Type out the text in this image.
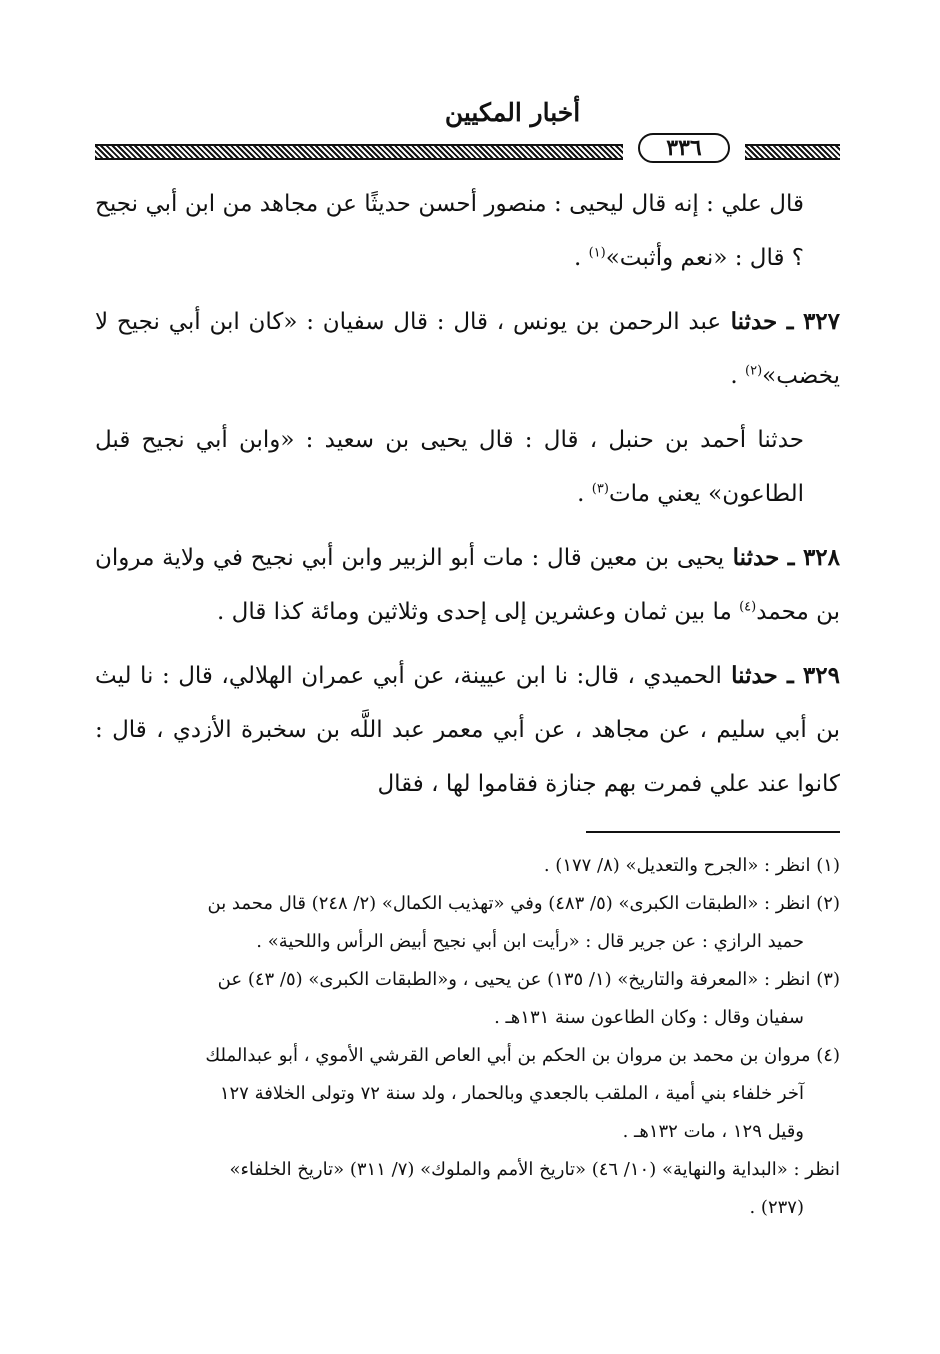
أخبار المكيين
٣٣٦

قال علي : إنه قال ليحيى : منصور أحسن حديثًا عن مجاهد من ابن أبي نجيح ؟ قال : «نعم وأثبت»$^{(١)}$ .

٣٢٧ ـ حدثنا عبد الرحمن بن يونس ، قال : قال سفيان : «كان ابن أبي نجيح لا يخضب»$^{(٢)}$ .

حدثنا أحمد بن حنبل ، قال : قال يحيى بن سعيد : «وابن أبي نجيح قبل الطاعون» يعني مات$^{(٣)}$ .

٣٢٨ ـ حدثنا يحيى بن معين قال : مات أبو الزبير وابن أبي نجيح في ولاية مروان بن محمد$^{(٤)}$ ما بين ثمان وعشرين إلى إحدى وثلاثين ومائة كذا قال .

٣٢٩ ـ حدثنا الحميدي ، قال: نا ابن عيينة، عن أبي عمران الهلالي، قال : نا ليث بن أبي سليم ، عن مجاهد ، عن أبي معمر عبد اللَّه بن سخبرة الأزدي ، قال : كانوا عند علي فمرت بهم جنازة فقاموا لها ، فقال

(١) انظر : «الجرح والتعديل» (٨/ ١٧٧) .
(٢) انظر : «الطبقات الكبرى» (٥/ ٤٨٣) وفي «تهذيب الكمال» (٢/ ٢٤٨) قال محمد بن
حميد الرازي : عن جرير قال : «رأيت ابن أبي نجيح أبيض الرأس واللحية» .
(٣) انظر : «المعرفة والتاريخ» (١/ ١٣٥) عن يحيى ، و«الطبقات الكبرى» (٥/ ٤٣) عن
سفيان وقال : وكان الطاعون سنة ١٣١هـ .
(٤) مروان بن محمد بن مروان بن الحكم بن أبي العاص القرشي الأموي ، أبو عبدالملك
آخر خلفاء بني أمية ، الملقب بالجعدي وبالحمار ، ولد سنة ٧٢ وتولى الخلافة ١٢٧
وقيل ١٢٩ ، مات ١٣٢هـ .
انظر : «البداية والنهاية» (١٠/ ٤٦) «تاريخ الأمم والملوك» (٧/ ٣١١) «تاريخ الخلفاء»
(٢٣٧) .
